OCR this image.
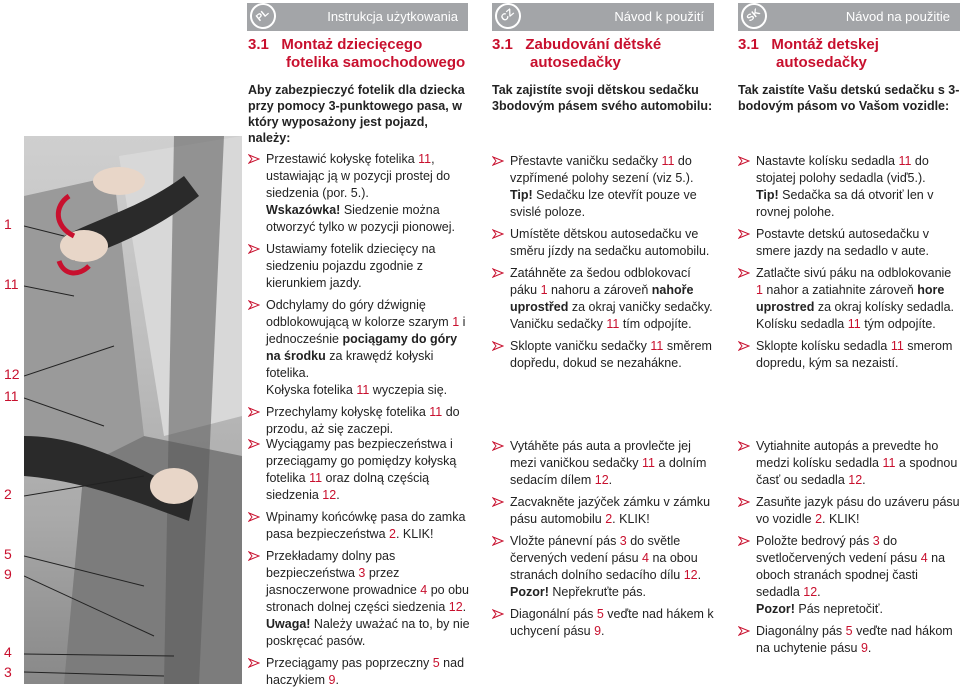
1
11
12
11
2
5
9
4
3
PL	Instrukcja użytkowania	CZ	Návod k použití	SK	Návod na použitie
3.1 Montaż dziecięcego
fotelika samochodowego

Aby zabezpieczyć fotelik dla dziecka przy pomocy 3-punktowego pasa, w który wyposażony jest pojazd, należy:

Przestawić kołyskę fotelika 11, ustawiając ją w pozycji prostej do siedzenia (por. 5.).
Wskazówka! Siedzenie można otworzyć tylko w pozycji pionowej.
Ustawiamy fotelik dziecięcy na siedzeniu pojazdu zgodnie z kierunkiem jazdy.
Odchylamy do góry dźwignię odblokowującą w kolorze szarym 1 i jednocześnie pociągamy do góry na środku za krawędź kołyski fotelika.
Kołyska fotelika 11 wyczepia się.
Przechylamy kołyskę fotelika 11 do przodu, aż się zaczepi.
Wyciągamy pas bezpieczeństwa i przeciągamy go pomiędzy kołyską fotelika 11 oraz dolną częścią siedzenia 12.
Wpinamy końcówkę pasa do zamka pasa bezpieczeństwa 2. KLIK!
Przekładamy dolny pas bezpieczeństwa 3 przez jasnoczerwone prowadnice 4 po obu stronach dolnej części siedzenia 12.
Uwaga! Należy uważać na to, by nie poskręcać pasów.
Przeciągamy pas poprzeczny 5 nad haczykiem 9.
3.1 Zabudování dětské
autosedačky

Tak zajistíte svoji dětskou sedačku 3bodovým pásem svého automobilu:

Přestavte vaničku sedačky 11 do vzpřímené polohy sezení (viz 5.).
Tip! Sedačku lze otevřít pouze ve svislé poloze.
Umístěte dětskou autosedačku ve směru jízdy na sedačku automobilu.
Zatáhněte za šedou odblokovací páku 1 nahoru a zároveň nahoře uprostřed za okraj vaničky sedačky.
Vaničku sedačky 11 tím odpojíte.
Sklopte vaničku sedačky 11 směrem dopředu, dokud se nezaháknе.
Vytáhěte pás auta a provlečte jej mezi vaničkou sedačky 11 a dolním sedacím dílem 12.
Zacvakněte jazýček zámku v zámku pásu automobilu 2. KLIK!
Vložte pánevní pás 3 do světle červených vedení pásu 4 na obou stranách dolního sedacího dílu 12.
Pozor! Nepřekruťte pás.
Diagonální pás 5 veďte nad hákem k uchycení pásu 9.
3.1 Montáž detskej
autosedačky

Tak zaistíte Vašu detskú sedačku s 3-bodovým pásom vo Vašom vozidle:

Nastavte kolísku sedadla 11 do stojatej polohy sedadla (viď5.).
Tip! Sedačka sa dá otvoriť len v rovnej polohe.
Postavte detskú autosedačku v smere jazdy na sedadlo v aute.
Zatlačte sivú páku na odblokovanie 1 nahor a zatiahnite zároveň hore uprostred za okraj kolísky sedadla.
Kolísku sedadla 11 tým odpojíte.
Sklopte kolísku sedadla 11 smerom dopredu, kým sa nezaistí.
Vytiahnite autopás a prevedte ho medzi kolísku sedadla 11 a spodnou časť ou sedadla 12.
Zasuňte jazyk pásu do uzáveru pásu vo vozidle 2. KLIK!
Položte bedrový pás 3 do svetločervených vedení pásu 4 na oboch stranách spodnej časti sedadla 12.
Pozor! Pás nepretočiť.
Diagonálny pás 5 veďte nad hákom na uchytenie pásu 9.
